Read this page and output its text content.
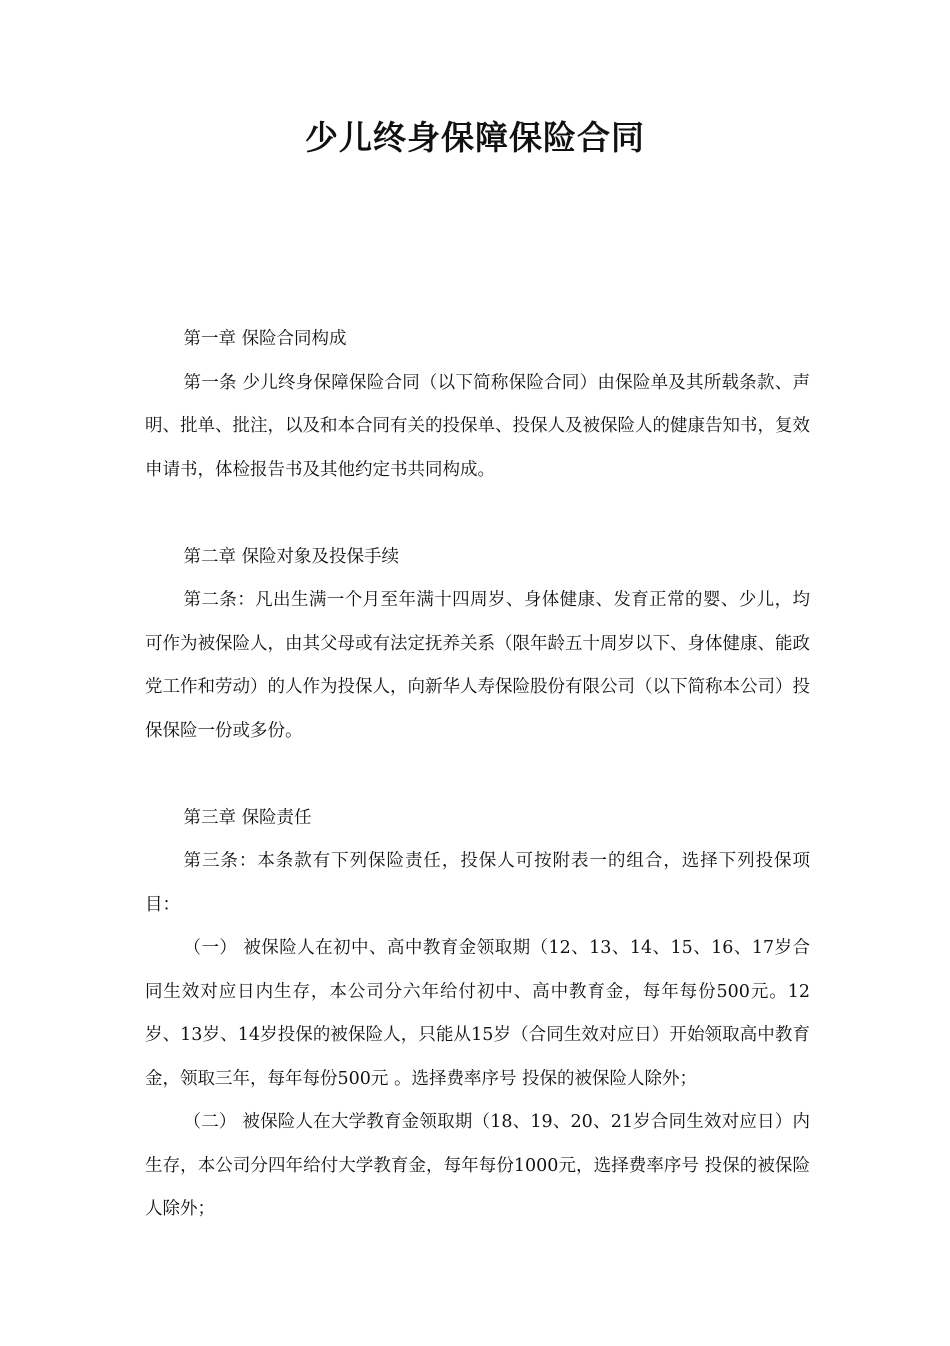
少儿终身保障保险合同

第一章 保险合同构成

第一条 少儿终身保障保险合同（以下简称保险合同）由保险单及其所载条款、声明、批单、批注，以及和本合同有关的投保单、投保人及被保险人的健康告知书，复效申请书，体检报告书及其他约定书共同构成。

第二章 保险对象及投保手续

第二条：凡出生满一个月至年满十四周岁、身体健康、发育正常的婴、少儿，均可作为被保险人，由其父母或有法定抚养关系（限年龄五十周岁以下、身体健康、能政党工作和劳动）的人作为投保人，向新华人寿保险股份有限公司（以下简称本公司）投保保险一份或多份。

第三章 保险责任

第三条：本条款有下列保险责任，投保人可按附表一的组合，选择下列投保项目：

（一） 被保险人在初中、高中教育金领取期（12、13、14、15、16、17岁合同生效对应日内生存，本公司分六年给付初中、高中教育金，每年每份500元。12岁、13岁、14岁投保的被保险人，只能从15岁（合同生效对应日）开始领取高中教育金，领取三年，每年每份500元 。选择费率序号 投保的被保险人除外；

（二） 被保险人在大学教育金领取期（18、19、20、21岁合同生效对应日）内生存，本公司分四年给付大学教育金，每年每份1000元，选择费率序号 投保的被保险人除外；
